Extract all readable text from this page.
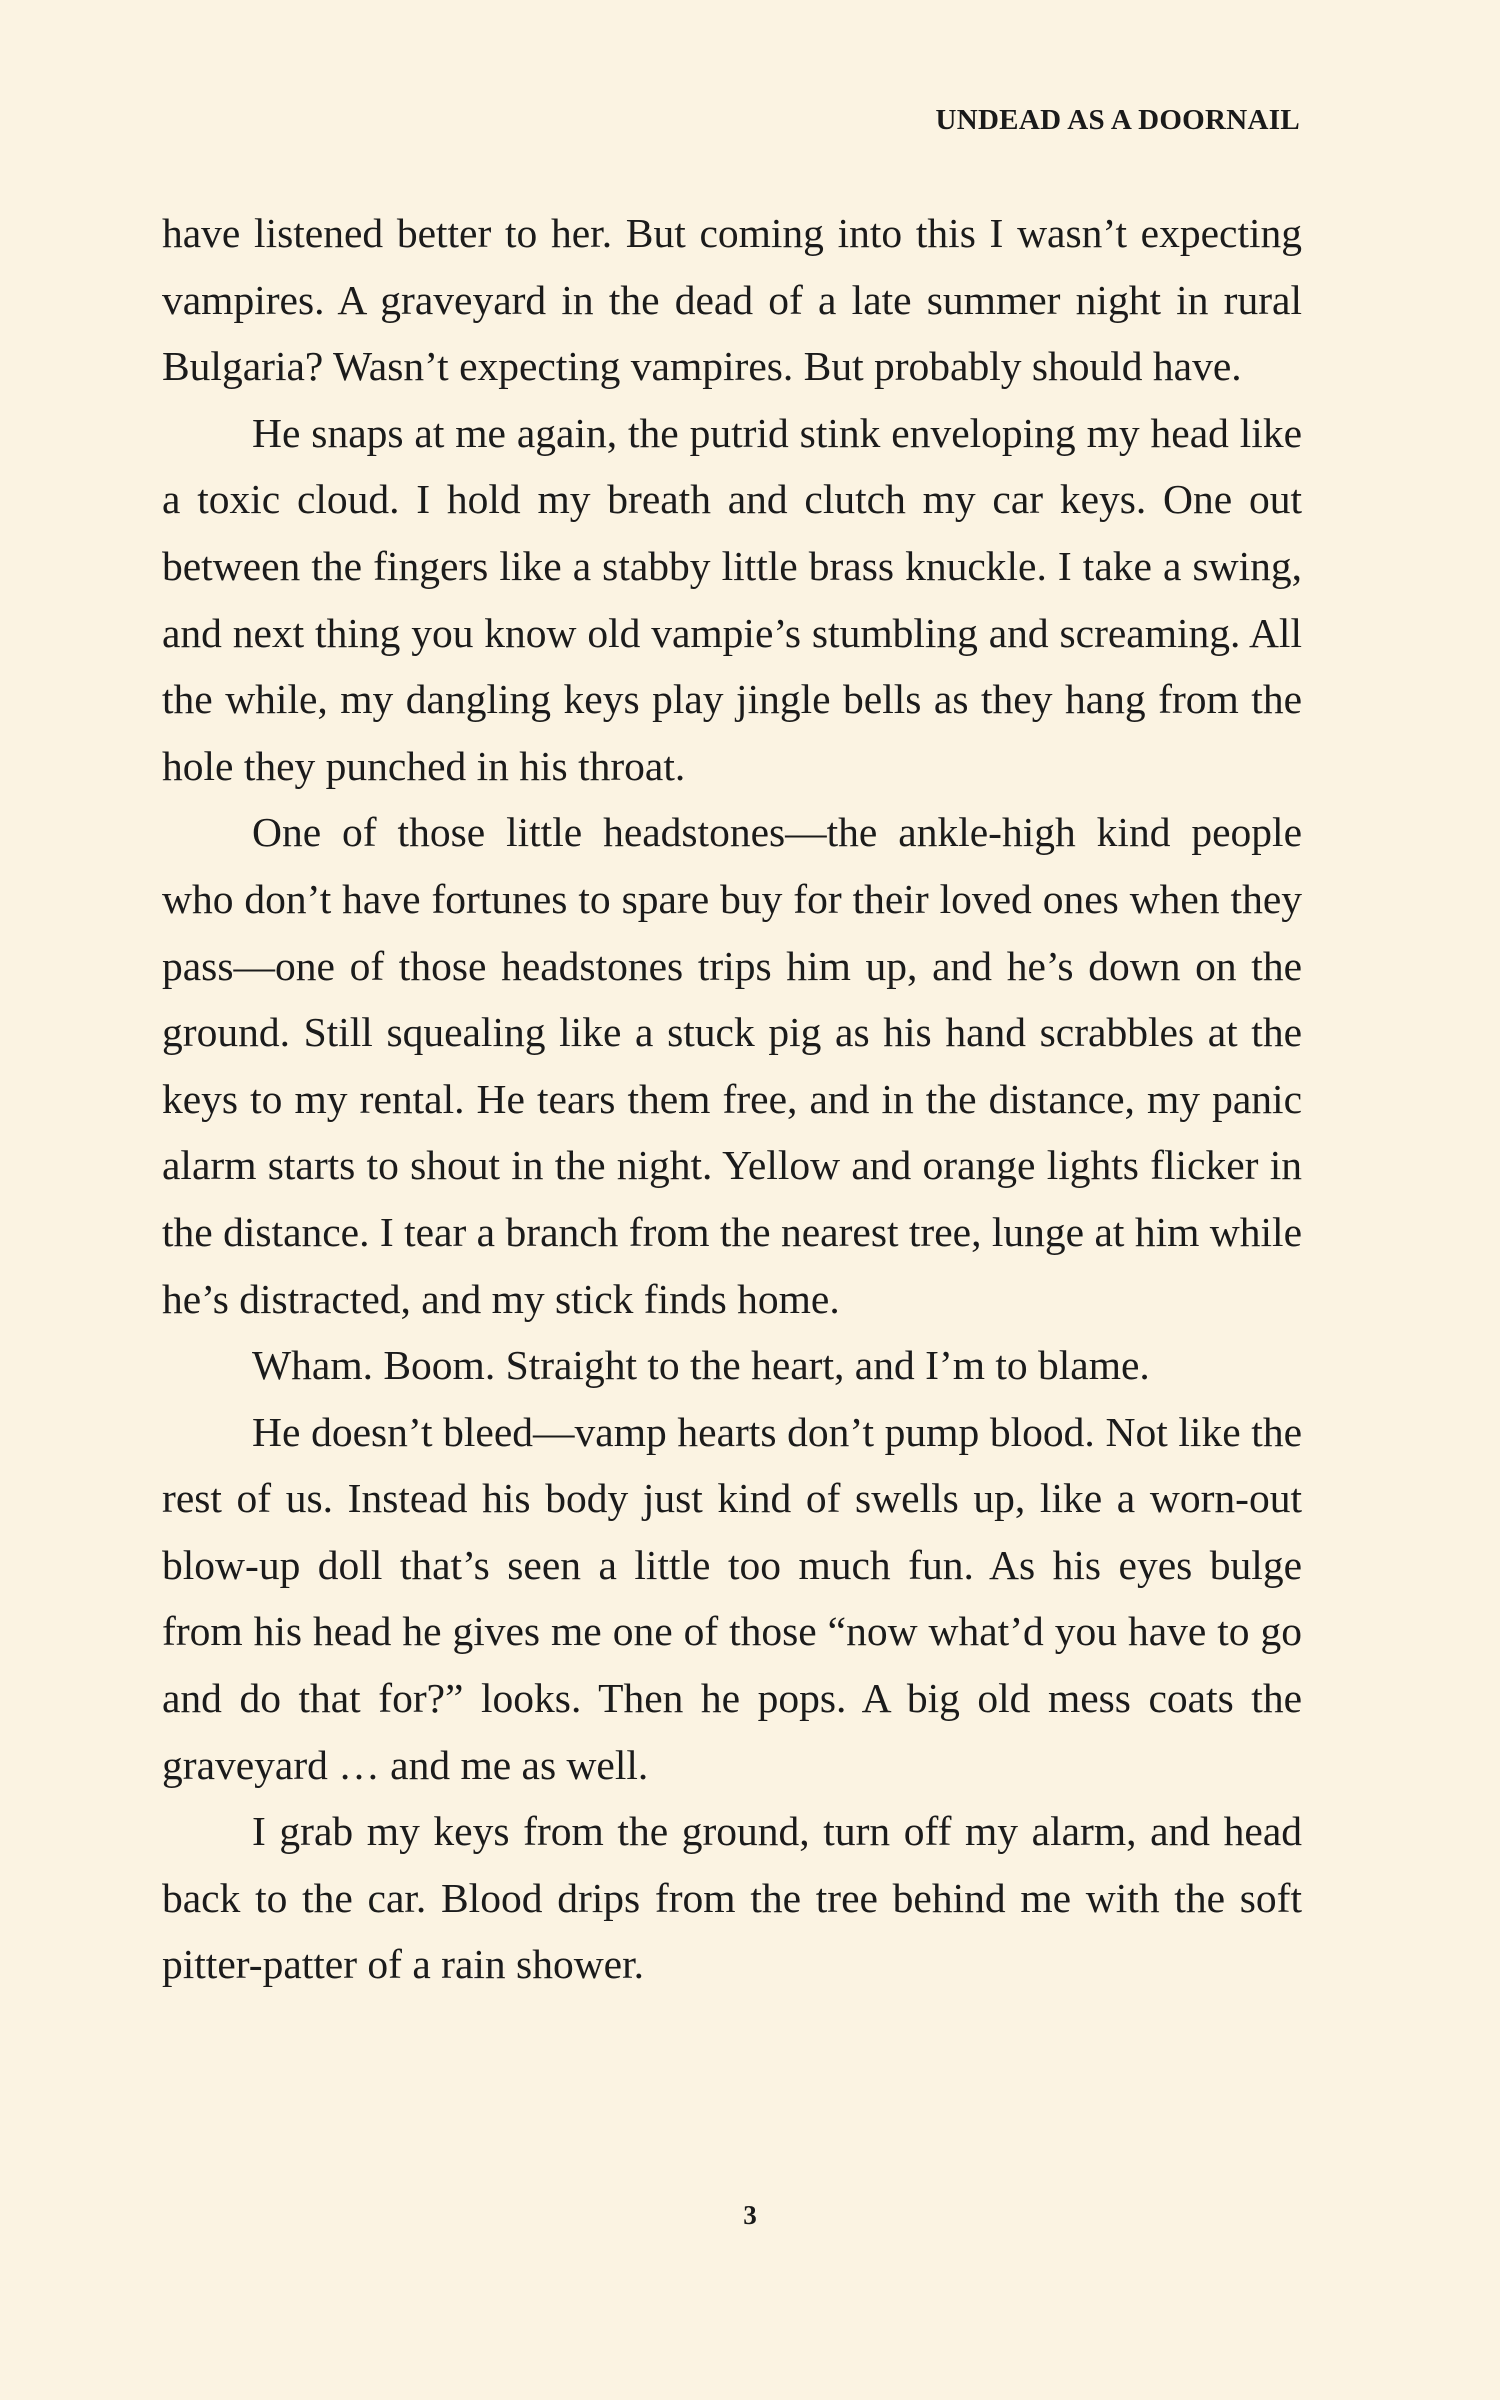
UNDEAD AS A DOORNAIL

have listened better to her. But coming into this I wasn’t expecting vampires. A graveyard in the dead of a late summer night in rural Bulgaria? Wasn’t expecting vampires. But probably should have.

He snaps at me again, the putrid stink enveloping my head like a toxic cloud. I hold my breath and clutch my car keys. One out between the fingers like a stabby little brass knuckle. I take a swing, and next thing you know old vampie’s stumbling and screaming. All the while, my dangling keys play jingle bells as they hang from the hole they punched in his throat.

One of those little headstones—the ankle-high kind people who don’t have fortunes to spare buy for their loved ones when they pass—one of those headstones trips him up, and he’s down on the ground. Still squealing like a stuck pig as his hand scrabbles at the keys to my rental. He tears them free, and in the distance, my panic alarm starts to shout in the night. Yellow and orange lights flicker in the distance. I tear a branch from the nearest tree, lunge at him while he’s distracted, and my stick finds home.

Wham. Boom. Straight to the heart, and I’m to blame.

He doesn’t bleed—vamp hearts don’t pump blood. Not like the rest of us. Instead his body just kind of swells up, like a worn-out blow-up doll that’s seen a little too much fun. As his eyes bulge from his head he gives me one of those “now what’d you have to go and do that for?” looks. Then he pops. A big old mess coats the graveyard … and me as well.

I grab my keys from the ground, turn off my alarm, and head back to the car. Blood drips from the tree behind me with the soft pitter-patter of a rain shower.

3
